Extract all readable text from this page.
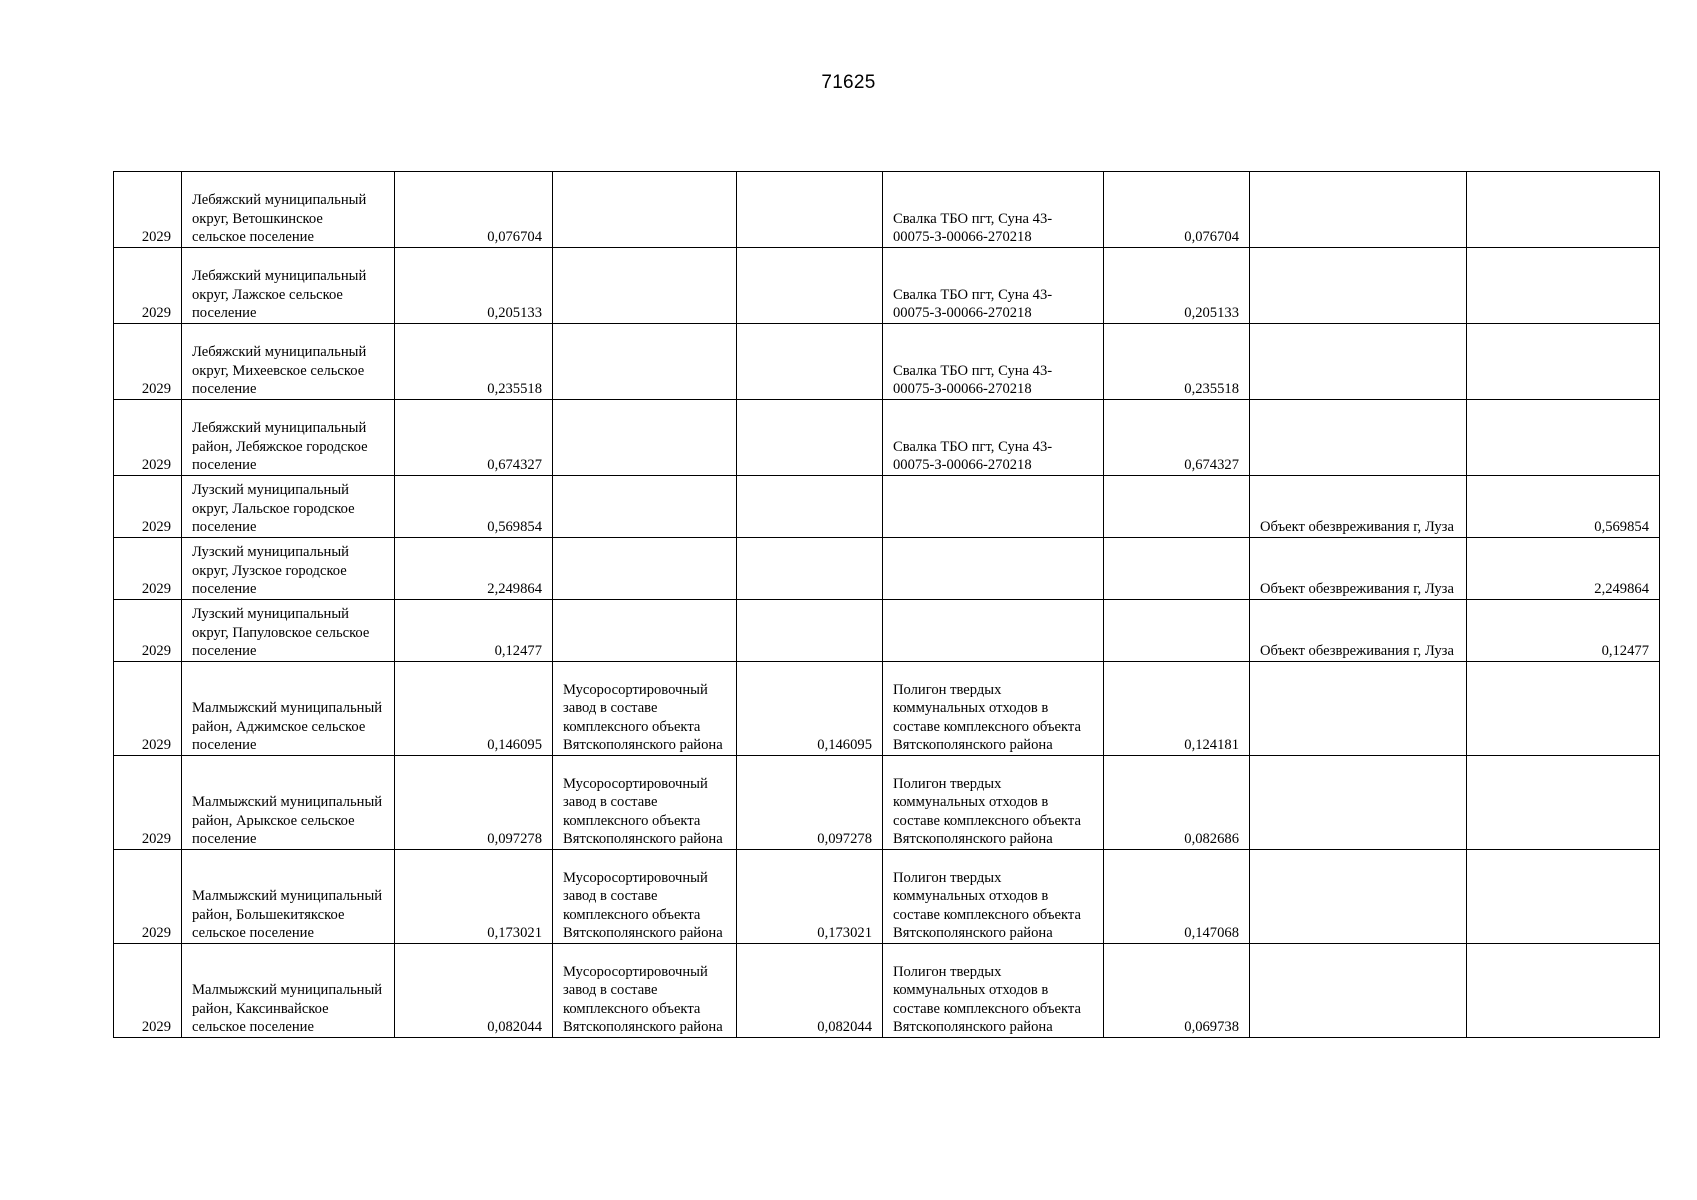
71625
2029	Лебяжский муниципальный округ, Ветошкинское сельское поселение	0,076704			Свалка ТБО пгт, Суна 43-00075-З-00066-270218	0,076704		
2029	Лебяжский муниципальный округ, Лажское сельское поселение	0,205133			Свалка ТБО пгт, Суна 43-00075-З-00066-270218	0,205133		
2029	Лебяжский муниципальный округ, Михеевское сельское поселение	0,235518			Свалка ТБО пгт, Суна 43-00075-З-00066-270218	0,235518		
2029	Лебяжский муниципальный район, Лебяжское городское поселение	0,674327			Свалка ТБО пгт, Суна 43-00075-З-00066-270218	0,674327		
2029	Лузский муниципальный округ, Лальское городское поселение	0,569854					Объект обезвреживания г, Луза	0,569854
2029	Лузский муниципальный округ, Лузское городское поселение	2,249864					Объект обезвреживания г, Луза	2,249864
2029	Лузский муниципальный округ, Папуловское сельское поселение	0,12477					Объект обезвреживания г, Луза	0,12477
2029	Малмыжский муниципальный район, Аджимское сельское поселение	0,146095	Мусоросортировочный завод в составе комплексного объекта Вятскополянского района	0,146095	Полигон твердых коммунальных отходов в составе комплексного объекта Вятскополянского района	0,124181		
2029	Малмыжский муниципальный район, Арыкское сельское поселение	0,097278	Мусоросортировочный завод в составе комплексного объекта Вятскополянского района	0,097278	Полигон твердых коммунальных отходов в составе комплексного объекта Вятскополянского района	0,082686		
2029	Малмыжский муниципальный район, Большекитякское сельское поселение	0,173021	Мусоросортировочный завод в составе комплексного объекта Вятскополянского района	0,173021	Полигон твердых коммунальных отходов в составе комплексного объекта Вятскополянского района	0,147068		
2029	Малмыжский муниципальный район, Каксинвайское сельское поселение	0,082044	Мусоросортировочный завод в составе комплексного объекта Вятскополянского района	0,082044	Полигон твердых коммунальных отходов в составе комплексного объекта Вятскополянского района	0,069738		
